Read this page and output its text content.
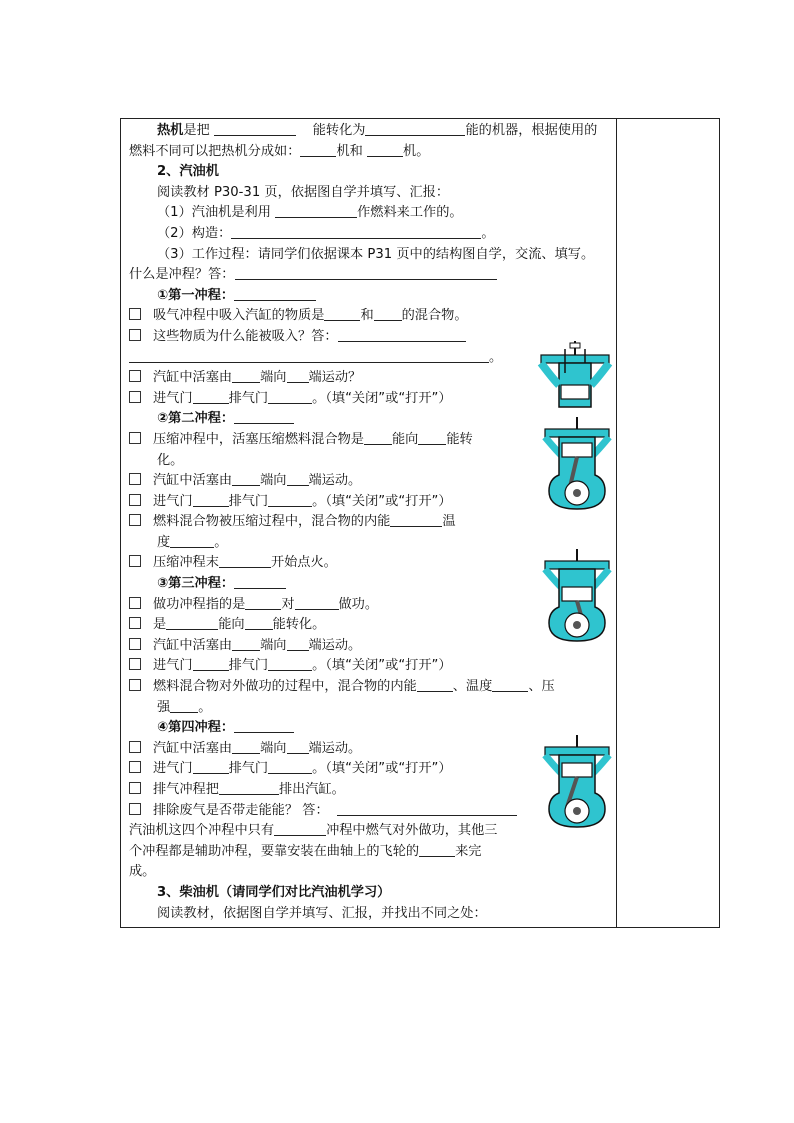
热机是把	能转化为	能的机器，根据使用的
燃料不同可以把热机分成如：	机和	机。
2、汽油机
阅读教材 P30-31 页，依据图自学并填写、汇报：
（1）汽油机是利用	作燃料来工作的。
（2）构造：	。
（3）工作过程：请同学们依据课本 P31 页中的结构图自学，交流、填写。
什么是冲程？答：
①第一冲程：
吸气冲程中吸入汽缸的物质是	和 的混合物。
这些物质为什么能被吸入？答：
。
汽缸中活塞由 端向 端运动？
进气门	排气门	。（填“关闭”或“打开”）
②第二冲程：
压缩冲程中，活塞压缩燃料混合物是 能向 能转
化。
汽缸中活塞由 端向 端运动。
进气门	排气门	。（填“关闭”或“打开”）
燃料混合物被压缩过程中，混合物的内能	温
度	。
压缩冲程末	开始点火。
③第三冲程：
做功冲程指的是	对	做功。
是	能向 能转化。
汽缸中活塞由 端向 端运动。
进气门	排气门	。（填“关闭”或“打开”）
燃料混合物对外做功的过程中，混合物的内能	、温度	、压
强 。
④第四冲程：
汽缸中活塞由 端向 端运动。
进气门	排气门	。（填“关闭”或“打开”）
排气冲程把	排出汽缸。
排除废气是否带走能能？ 答：
汽油机这四个冲程中只有	冲程中燃气对外做功，其他三
个冲程都是辅助冲程，要靠安装在曲轴上的飞轮的	来完
成。
3、柴油机（请同学们对比汽油机学习）
阅读教材，依据图自学并填写、汇报，并找出不同之处：
